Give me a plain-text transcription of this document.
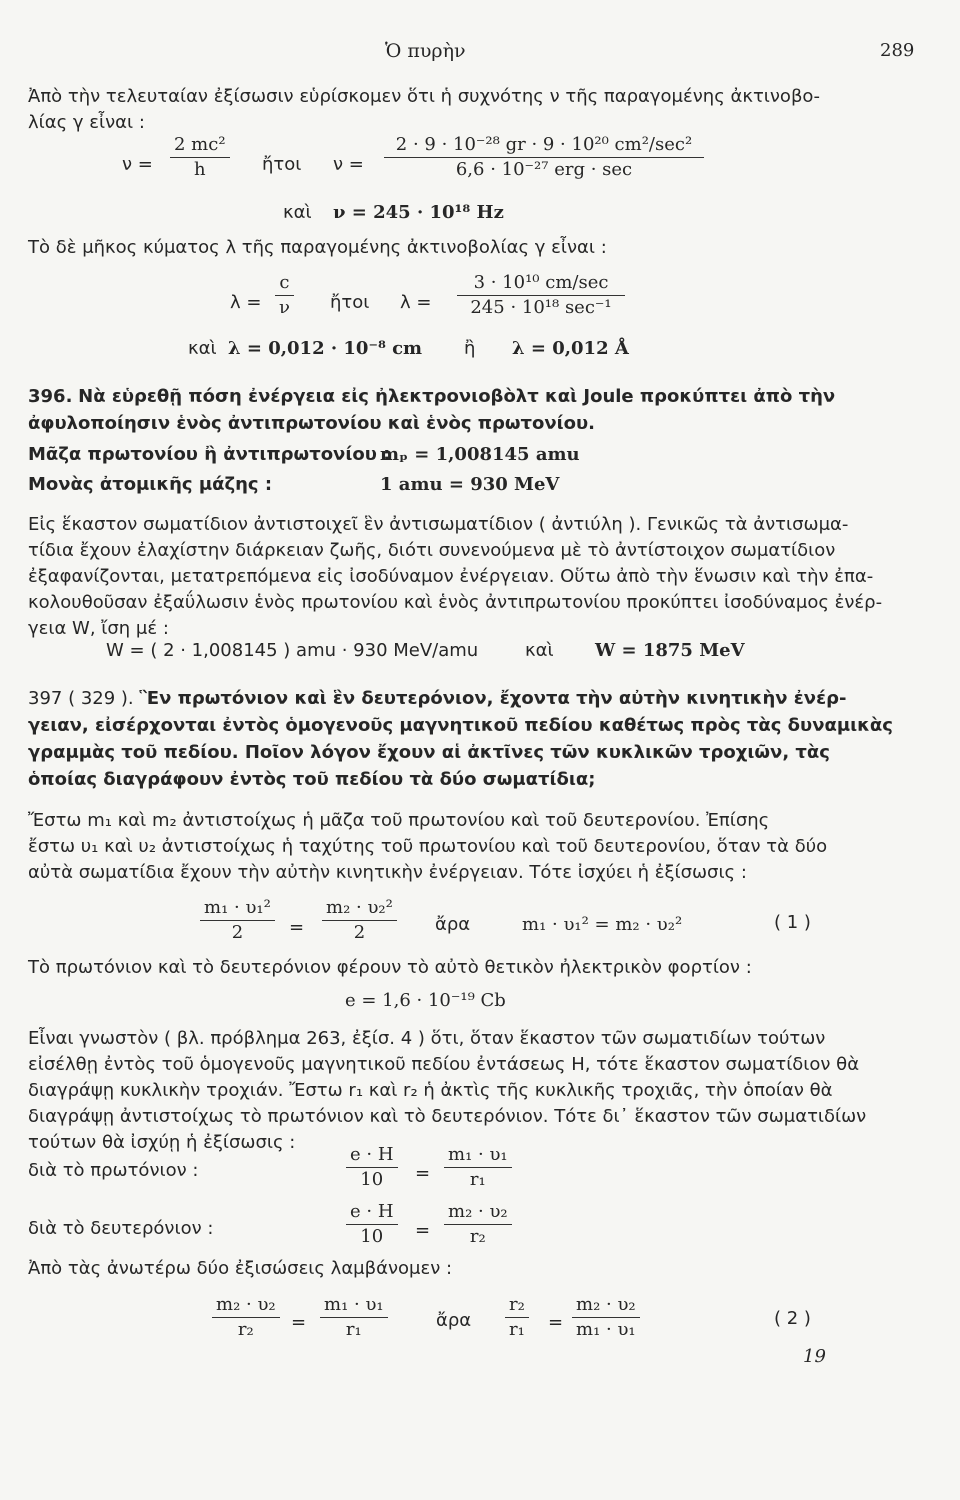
Ὁ πυρὴν	289
Ἀπὸ τὴν τελευταίαν ἐξίσωσιν εὑρίσκομεν ὅτι ἡ συχνότης ν τῆς παραγομένης ἀκτινοβο-
λίας γ εἶναι :
$\nu = \frac{\text{2 mc²}}{h}$ ἤτοι ν =
2 · 9 · 10⁻²⁸ gr · 9 · 10²⁰ cm²/sec²
6,6 · 10⁻²⁷ erg · sec
καὶ ν = 245 · 10¹⁸ Hz
Τὸ δὲ μῆκος κύματος λ τῆς παραγομένης ἀκτινοβολίας γ εἶναι :
$\lambda = \frac{c}{\nu}$ ἤτοι λ =
3 · 10¹⁰ cm/sec
245 · 10¹⁸ sec⁻¹
καὶ λ = 0,012 · 10⁻⁸ cm ἢ λ = 0,012 Å
396. Νὰ εὑρεθῇ πόση ἐνέργεια εἰς ἠλεκτρονιοβὸλτ καὶ Joule προκύπτει ἀπὸ τὴν
ἀφυλοποίησιν ἑνὸς ἀντιπρωτονίου καὶ ἑνὸς πρωτονίου.
Μᾶζα πρωτονίου ἢ ἀντιπρωτονίου :
mₚ = 1,008145 amu
Μονὰς ἀτομικῆς μάζης :	1 amu = 930 MeV
Εἰς ἕκαστον σωματίδιον ἀντιστοιχεῖ ἓν ἀντισωματίδιον ( ἀντιύλη ). Γενικῶς τὰ ἀντισωμα-
τίδια ἔχουν ἐλαχίστην διάρκειαν ζωῆς, διότι συνενούμενα μὲ τὸ ἀντίστοιχον σωματίδιον
ἐξαφανίζονται, μετατρεπόμενα εἰς ἰσοδύναμον ἐνέργειαν. Οὕτω ἀπὸ τὴν ἕνωσιν καὶ τὴν ἐπα-
κολουθοῦσαν ἐξαΰλωσιν ἑνὸς πρωτονίου καὶ ἑνὸς ἀντιπρωτονίου προκύπτει ἰσοδύναμος ἐνέρ-
γεια W, ἴση μέ :
W = ( 2 · 1,008145 ) amu · 930 MeV/amu	καὶ W = 1875 MeV
397 ( 329 ). Ἓν πρωτόνιον καὶ ἓν δευτερόνιον, ἔχοντα τὴν αὐτὴν κινητικὴν ἐνέρ-
γειαν, εἰσέρχονται ἐντὸς ὁμογενοῦς μαγνητικοῦ πεδίου καθέτως πρὸς τὰς δυναμικὰς
γραμμὰς τοῦ πεδίου. Ποῖον λόγον ἔχουν αἱ ἀκτῖνες τῶν κυκλικῶν τροχιῶν, τὰς
ὁποίας διαγράφουν ἐντὸς τοῦ πεδίου τὰ δύο σωματίδια;
Ἔστω m₁ καὶ m₂ ἀντιστοίχως ἡ μᾶζα τοῦ πρωτονίου καὶ τοῦ δευτερονίου. Ἐπίσης
ἔστω υ₁ καὶ υ₂ ἀντιστοίχως ἡ ταχύτης τοῦ πρωτονίου καὶ τοῦ δευτερονίου, ὅταν τὰ δύο
αὐτὰ σωματίδια ἔχουν τὴν αὐτὴν κινητικὴν ἐνέργειαν. Τότε ἰσχύει ἡ ἐξίσωσις :
$\frac{\text{m₁ · υ₁²}}{2} = \frac{\text{m₂ · υ₂²}}{2}$ ἄρα	m₁ · υ₁² = m₂ · υ₂²	( 1 )
Τὸ πρωτόνιον καὶ τὸ δευτερόνιον φέρουν τὸ αὐτὸ θετικὸν ἠλεκτρικὸν φορτίον :
e = 1,6 · 10⁻¹⁹ Cb
Εἶναι γνωστὸν ( βλ. πρόβλημα 263, ἐξίσ. 4 ) ὅτι, ὅταν ἕκαστον τῶν σωματιδίων τούτων
εἰσέλθῃ ἐντὸς τοῦ ὁμογενοῦς μαγνητικοῦ πεδίου ἐντάσεως H, τότε ἕκαστον σωματίδιον θὰ
διαγράψῃ κυκλικὴν τροχιάν. Ἔστω r₁ καὶ r₂ ἡ ἀκτὶς τῆς κυκλικῆς τροχιᾶς, τὴν ὁποίαν θὰ
διαγράψῃ ἀντιστοίχως τὸ πρωτόνιον καὶ τὸ δευτερόνιον. Τότε δι᾽ ἕκαστον τῶν σωματιδίων
τούτων θὰ ἰσχύῃ ἡ ἐξίσωσις :
διὰ τὸ πρωτόνιον :	$\frac{e \cdot H}{10} = \frac{\text{m₁ · υ₁}}{\text{r₁}}$
διὰ τὸ δευτερόνιον :	$\frac{e \cdot H}{10} = \frac{\text{m₂ · υ₂}}{\text{r₂}}$
Ἀπὸ τὰς ἀνωτέρω δύο ἐξισώσεις λαμβάνομεν :
$\frac{\text{m₂ · υ₂}}{\text{r₂}} = \frac{\text{m₁ · υ₁}}{\text{r₁}}$	ἄρα $\frac{\text{r₂}}{\text{r₁}} = \frac{\text{m₂ · υ₂}}{\text{m₁ · υ₁}}$	( 2 )
19
